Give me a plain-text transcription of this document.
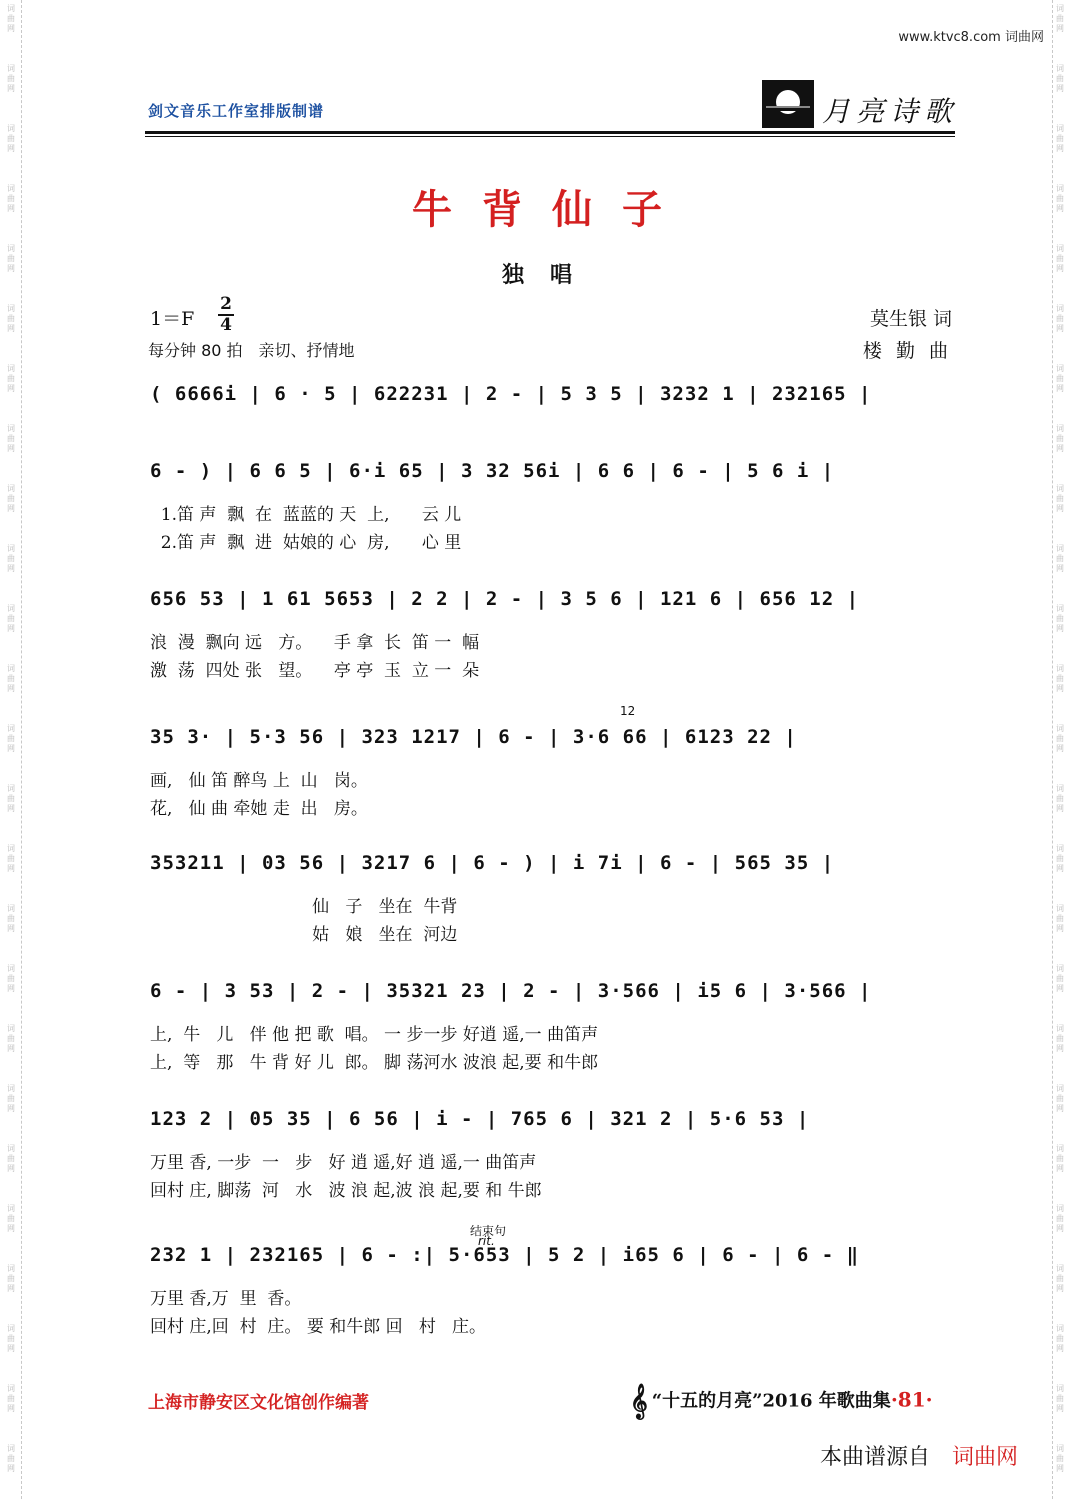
词
曲
网
词
曲
网
词
曲
网
词
曲
网
词
曲
网
词
曲
网
词
曲
网
词
曲
网
词
曲
网
词
曲
网
词
曲
网
词
曲
网
词
曲
网
词
曲
网
词
曲
网
词
曲
网
词
曲
网
词
曲
网
词
曲
网
词
曲
网
词
曲
网
词
曲
网
词
曲
网
词
曲
网
词
曲
网
词
曲
网
词
曲
网
词
曲
网
词
曲
网
词
曲
网
词
曲
网
词
曲
网
词
曲
网
词
曲
网
词
曲
网
词
曲
网
词
曲
网
词
曲
网
词
曲
网
词
曲
网
词
曲
网
词
曲
网
词
曲
网
词
曲
网
词
曲
网
词
曲
网
词
曲
网
词
曲
网
词
曲
网
词
曲
网
www.ktvc8.com 词曲网
剑文音乐工作室排版制谱	月亮诗歌
牛背仙子
独唱
1＝F
2
4
每分钟 80 拍　亲切、抒情地
莫生银 词
楼 勤 曲
( 6666i | 6 · 5 | 622231 | 2 - | 5 3 5 | 3232 1 | 232165 |
6 - ) | 6 6 5 | 6·i 65 | 3 32 56i | 6 6 | 6 - | 5 6 i |
1.笛 声  飘  在  蓝蓝的 天  上,      云 儿
2.笛 声  飘  进  姑娘的 心  房,      心 里
656 53 | 1 61 5653 | 2 2 | 2 - | 3 5 6 | 121 6 | 656 12 |
浪  漫  飘向 远   方。    手 拿  长  笛 一  幅
激  荡  四处 张   望。    亭 亭  玉  立 一  朵
35 3· | 5·3 56 | 323 1217 | 6 - | 3·6 66 | 6123 22 |
画,   仙 笛 醉鸟 上  山   岗。
花,   仙 曲 牵她 走  出   房。
12
353211 | 03 56 | 3217 6 | 6 - ) | i 7i | 6 - | 565 35 |
仙   子   坐在  牛背
姑   娘   坐在  河边
6 - | 3 53 | 2 - | 35321 23 | 2 - | 3·566 | i5 6 | 3·566 |
上,  牛   儿   伴 他 把 歌  唱。 一 步一步 好逍 遥,一 曲笛声
上,  等   那   牛 背 好 儿  郎。 脚 荡河水 波浪 起,要 和牛郎
123 2 | 05 35 | 6 56 | i - | 765 6 | 321 2 | 5·6 53 |
万里 香, 一步  一   步   好 逍 遥,好 逍 遥,一 曲笛声
回村 庄, 脚荡  河   水   波 浪 起,波 浪 起,要 和 牛郎
232 1 | 232165 | 6 - :| 5·653 | 5 2 | i65 6 | 6 - | 6 - ‖
万里 香,万  里  香。
回村 庄,回  村  庄。 要 和牛郎 回   村   庄。
结束句
rit.
上海市静安区文化馆创作编著	𝄞 “十五的月亮”2016 年歌曲集·81·
本曲谱源自 词曲网
